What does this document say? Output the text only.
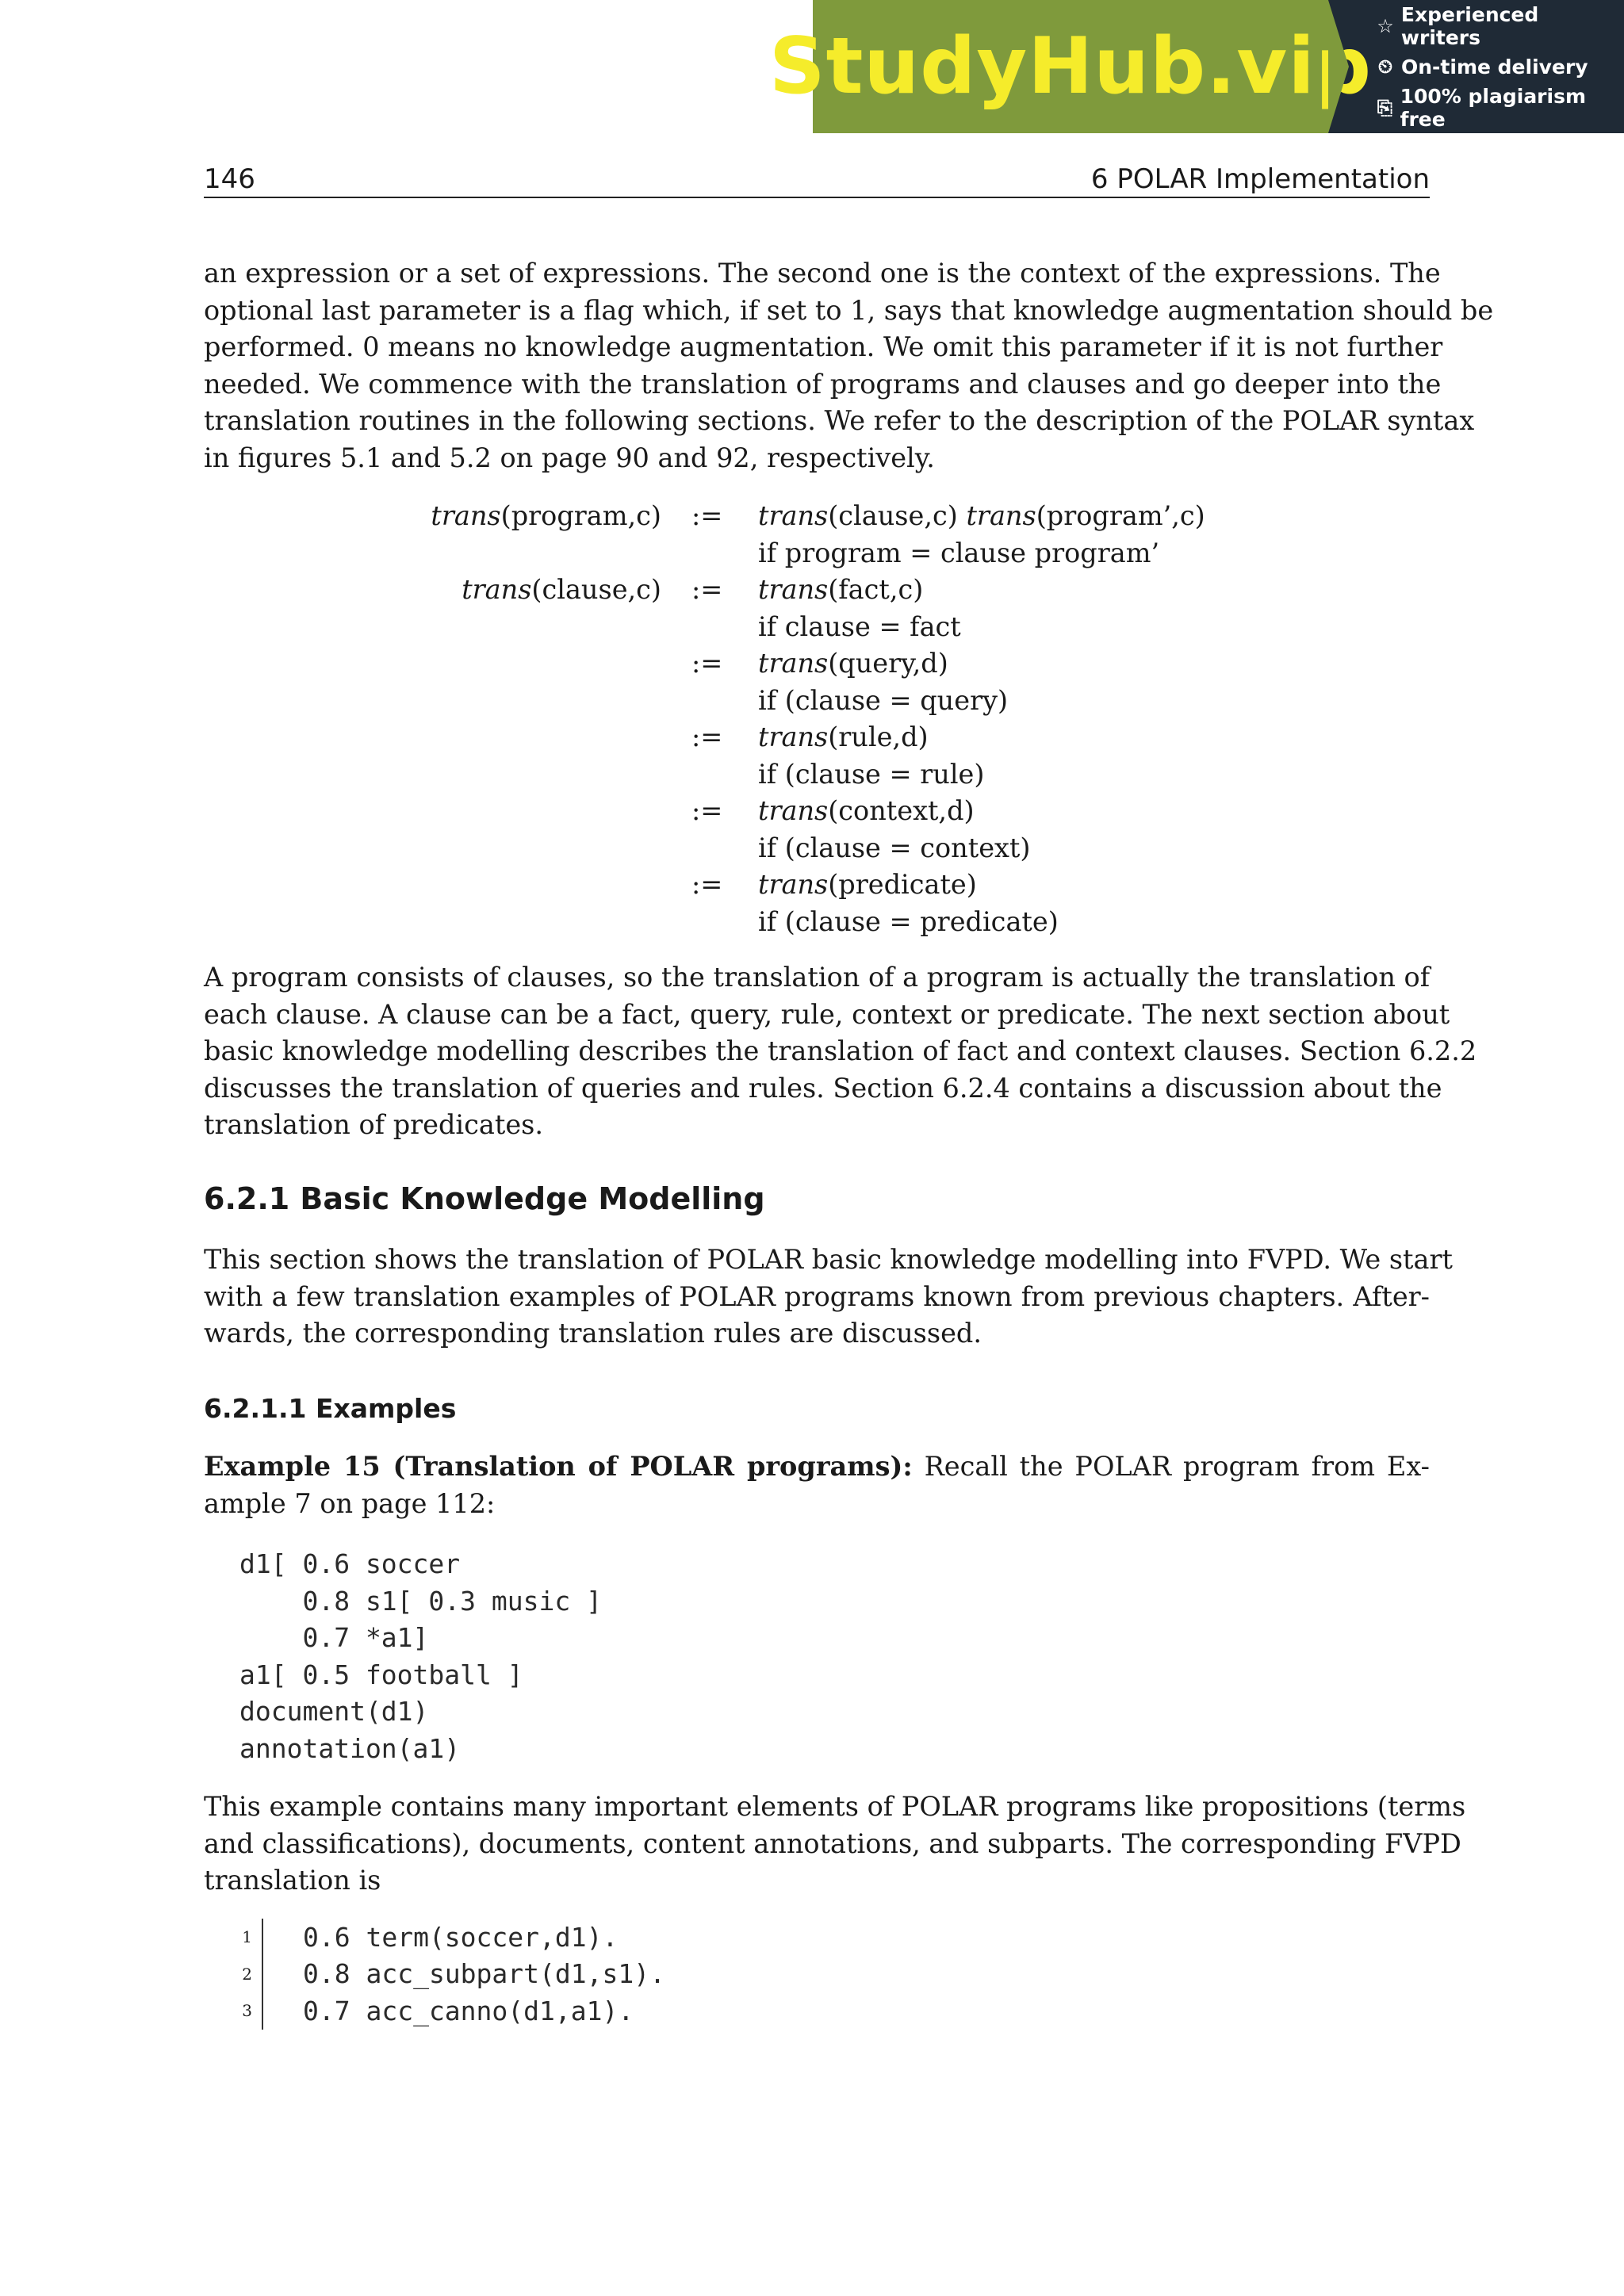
StudyHub.vip ☆ Experienced writers
⏲ On-time delivery
⎘ 100% plagiarism free
146	6 POLAR Implementation
an expression or a set of expressions. The second one is the context of the expressions. The
optional last parameter is a flag which, if set to 1, says that knowledge augmentation should be
performed. 0 means no knowledge augmentation. We omit this parameter if it is not further
needed. We commence with the translation of programs and clauses and go deeper into the
translation routines in the following sections. We refer to the description of the POLAR syntax
in figures 5.1 and 5.2 on page 90 and 92, respectively.
trans(program,c) := trans(clause,c) trans(program’,c)
if program = clause program’
trans(clause,c) := trans(fact,c)
if clause = fact
:= trans(query,d)
if (clause = query)
:= trans(rule,d)
if (clause = rule)
:= trans(context,d)
if (clause = context)
:= trans(predicate)
if (clause = predicate)
A program consists of clauses, so the translation of a program is actually the translation of
each clause. A clause can be a fact, query, rule, context or predicate. The next section about
basic knowledge modelling describes the translation of fact and context clauses. Section 6.2.2
discusses the translation of queries and rules. Section 6.2.4 contains a discussion about the
translation of predicates.
6.2.1 Basic Knowledge Modelling
This section shows the translation of POLAR basic knowledge modelling into FVPD. We start
with a few translation examples of POLAR programs known from previous chapters. After-
wards, the corresponding translation rules are discussed.
6.2.1.1 Examples
Example 15 (Translation of POLAR programs): Recall the POLAR program from Ex-
ample 7 on page 112:
d1[ 0.6 soccer
0.8 s1[ 0.3 music ]
0.7 *a1]
a1[ 0.5 football ]
document(d1)
annotation(a1)
This example contains many important elements of POLAR programs like propositions (terms
and classifications), documents, content annotations, and subparts. The corresponding FVPD
translation is
1 0.6 term(soccer,d1).
2 0.8 acc_subpart(d1,s1).
3 0.7 acc_canno(d1,a1).
